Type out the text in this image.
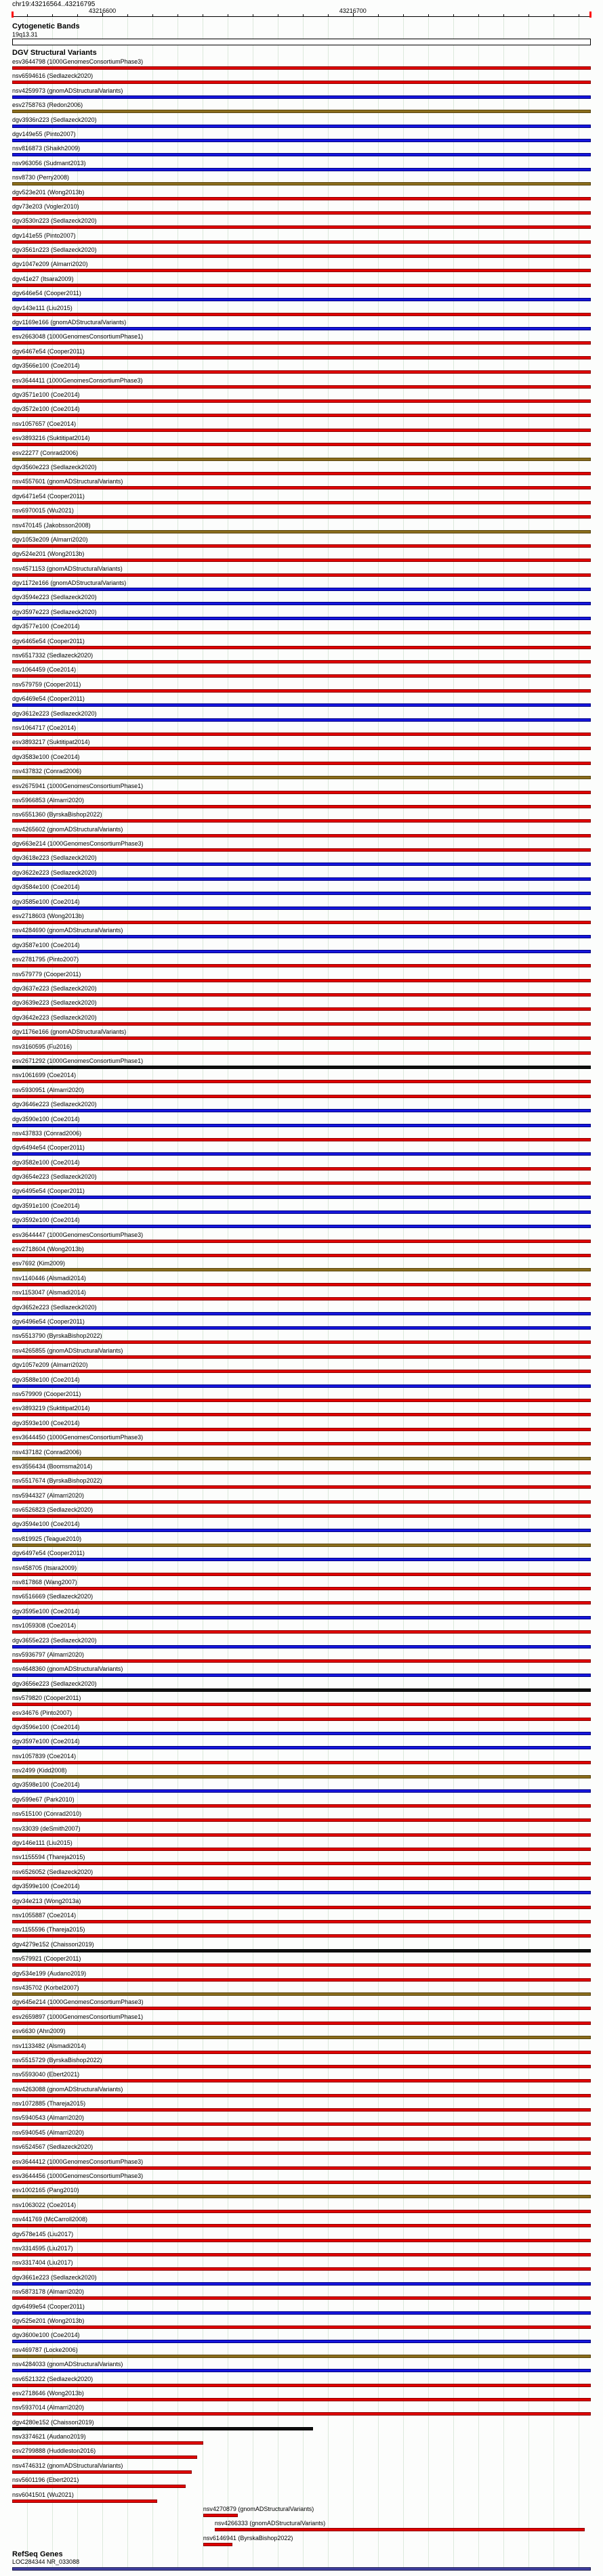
chr19:43216564..43216795
43216600	43216700
Cytogenetic Bands
19q13.31
DGV Structural Variants
esv3644798 (1000GenomesConsortiumPhase3)
nsv6594616 (Sedlazeck2020)
nsv4259973 (gnomADStructuralVariants)
esv2758763 (Redon2006)
dgv3936n223 (Sedlazeck2020)
dgv149e55 (Pinto2007)
nsv816873 (Shaikh2009)
nsv963056 (Sudmant2013)
nsv8730 (Perry2008)
dgv523e201 (Wong2013b)
dgv73e203 (Vogler2010)
dgv3530n223 (Sedlazeck2020)
dgv141e55 (Pinto2007)
dgv3561n223 (Sedlazeck2020)
dgv1047e209 (Almarri2020)
dgv41e27 (Itsara2009)
dgv646e54 (Cooper2011)
dgv143e111 (Liu2015)
dgv1169e166 (gnomADStructuralVariants)
esv2663048 (1000GenomesConsortiumPhase1)
dgv6467e54 (Cooper2011)
dgv3566e100 (Coe2014)
esv3644411 (1000GenomesConsortiumPhase3)
dgv3571e100 (Coe2014)
dgv3572e100 (Coe2014)
nsv1057657 (Coe2014)
esv3893216 (Suktitipat2014)
esv22277 (Conrad2006)
dgv3560e223 (Sedlazeck2020)
nsv4557601 (gnomADStructuralVariants)
dgv6471e54 (Cooper2011)
nsv6970015 (Wu2021)
nsv470145 (Jakobsson2008)
dgv1053e209 (Almarri2020)
dgv524e201 (Wong2013b)
nsv4571153 (gnomADStructuralVariants)
dgv1172e166 (gnomADStructuralVariants)
dgv3594e223 (Sedlazeck2020)
dgv3597e223 (Sedlazeck2020)
dgv3577e100 (Coe2014)
dgv6465e54 (Cooper2011)
nsv6517332 (Sedlazeck2020)
nsv1064459 (Coe2014)
nsv579759 (Cooper2011)
dgv6469e54 (Cooper2011)
dgv3612e223 (Sedlazeck2020)
nsv1064717 (Coe2014)
esv3893217 (Suktitipat2014)
dgv3583e100 (Coe2014)
nsv437832 (Conrad2006)
esv2675941 (1000GenomesConsortiumPhase1)
nsv5966853 (Almarri2020)
nsv6551360 (ByrskaBishop2022)
nsv4265602 (gnomADStructuralVariants)
dgv663e214 (1000GenomesConsortiumPhase3)
dgv3618e223 (Sedlazeck2020)
dgv3622e223 (Sedlazeck2020)
dgv3584e100 (Coe2014)
dgv3585e100 (Coe2014)
esv2718603 (Wong2013b)
nsv4284690 (gnomADStructuralVariants)
dgv3587e100 (Coe2014)
esv2781795 (Pinto2007)
nsv579779 (Cooper2011)
dgv3637e223 (Sedlazeck2020)
dgv3639e223 (Sedlazeck2020)
dgv3642e223 (Sedlazeck2020)
dgv1176e166 (gnomADStructuralVariants)
nsv3160595 (Fu2016)
esv2671292 (1000GenomesConsortiumPhase1)
nsv1061699 (Coe2014)
nsv5930951 (Almarri2020)
dgv3646e223 (Sedlazeck2020)
dgv3590e100 (Coe2014)
nsv437833 (Conrad2006)
dgv6494e54 (Cooper2011)
dgv3582e100 (Coe2014)
dgv3654e223 (Sedlazeck2020)
dgv6495e54 (Cooper2011)
dgv3591e100 (Coe2014)
dgv3592e100 (Coe2014)
esv3644447 (1000GenomesConsortiumPhase3)
esv2718604 (Wong2013b)
esv7692 (Kim2009)
nsv1140446 (Alsmadi2014)
nsv1153047 (Alsmadi2014)
dgv3652e223 (Sedlazeck2020)
dgv6496e54 (Cooper2011)
nsv5513790 (ByrskaBishop2022)
nsv4265855 (gnomADStructuralVariants)
dgv1057e209 (Almarri2020)
dgv3588e100 (Coe2014)
nsv579909 (Cooper2011)
esv3893219 (Suktitipat2014)
dgv3593e100 (Coe2014)
esv3644450 (1000GenomesConsortiumPhase3)
nsv437182 (Conrad2006)
esv3556434 (Boomsma2014)
nsv5517674 (ByrskaBishop2022)
nsv5944327 (Almarri2020)
nsv6526823 (Sedlazeck2020)
dgv3594e100 (Coe2014)
nsv819925 (Teague2010)
dgv6497e54 (Cooper2011)
nsv458705 (Itsara2009)
nsv817868 (Wang2007)
nsv6516669 (Sedlazeck2020)
dgv3595e100 (Coe2014)
nsv1059308 (Coe2014)
dgv3655e223 (Sedlazeck2020)
nsv5936797 (Almarri2020)
nsv4648360 (gnomADStructuralVariants)
dgv3656e223 (Sedlazeck2020)
nsv579820 (Cooper2011)
esv34676 (Pinto2007)
dgv3596e100 (Coe2014)
dgv3597e100 (Coe2014)
nsv1057839 (Coe2014)
nsv2499 (Kidd2008)
dgv3598e100 (Coe2014)
dgv599e67 (Park2010)
nsv515100 (Conrad2010)
nsv33039 (deSmith2007)
dgv146e111 (Liu2015)
nsv1155594 (Thareja2015)
nsv6526052 (Sedlazeck2020)
dgv3599e100 (Coe2014)
dgv34e213 (Wong2013a)
nsv1055887 (Coe2014)
nsv1155596 (Thareja2015)
dgv4279e152 (Chaisson2019)
nsv579921 (Cooper2011)
dgv534e199 (Audano2019)
nsv435702 (Korbel2007)
dgv645e214 (1000GenomesConsortiumPhase3)
esv2659897 (1000GenomesConsortiumPhase1)
esv6630 (Ahn2009)
nsv1133482 (Alsmadi2014)
nsv5515729 (ByrskaBishop2022)
nsv5593040 (Ebert2021)
nsv4263088 (gnomADStructuralVariants)
nsv1072885 (Thareja2015)
nsv5940543 (Almarri2020)
nsv5940545 (Almarri2020)
nsv6524567 (Sedlazeck2020)
esv3644412 (1000GenomesConsortiumPhase3)
esv3644456 (1000GenomesConsortiumPhase3)
esv1002165 (Pang2010)
nsv1063022 (Coe2014)
nsv441769 (McCarroll2008)
dgv578e145 (Liu2017)
nsv3314595 (Liu2017)
nsv3317404 (Liu2017)
dgv3661e223 (Sedlazeck2020)
nsv5873178 (Almarri2020)
dgv6499e54 (Cooper2011)
dgv525e201 (Wong2013b)
dgv3600e100 (Coe2014)
nsv469787 (Locke2006)
nsv4284033 (gnomADStructuralVariants)
nsv6521322 (Sedlazeck2020)
esv2718646 (Wong2013b)
nsv5937014 (Almarri2020)
dgv4280e152 (Chaisson2019)
nsv3374621 (Audano2019)
esv2799888 (Huddleston2016)
nsv4746312 (gnomADStructuralVariants)
nsv5601196 (Ebert2021)
nsv6041501 (Wu2021)
nsv4270879 (gnomADStructuralVariants)
nsv4266333 (gnomADStructuralVariants)
nsv6146941 (ByrskaBishop2022)
RefSeq Genes
LOC284344 NR_033088
